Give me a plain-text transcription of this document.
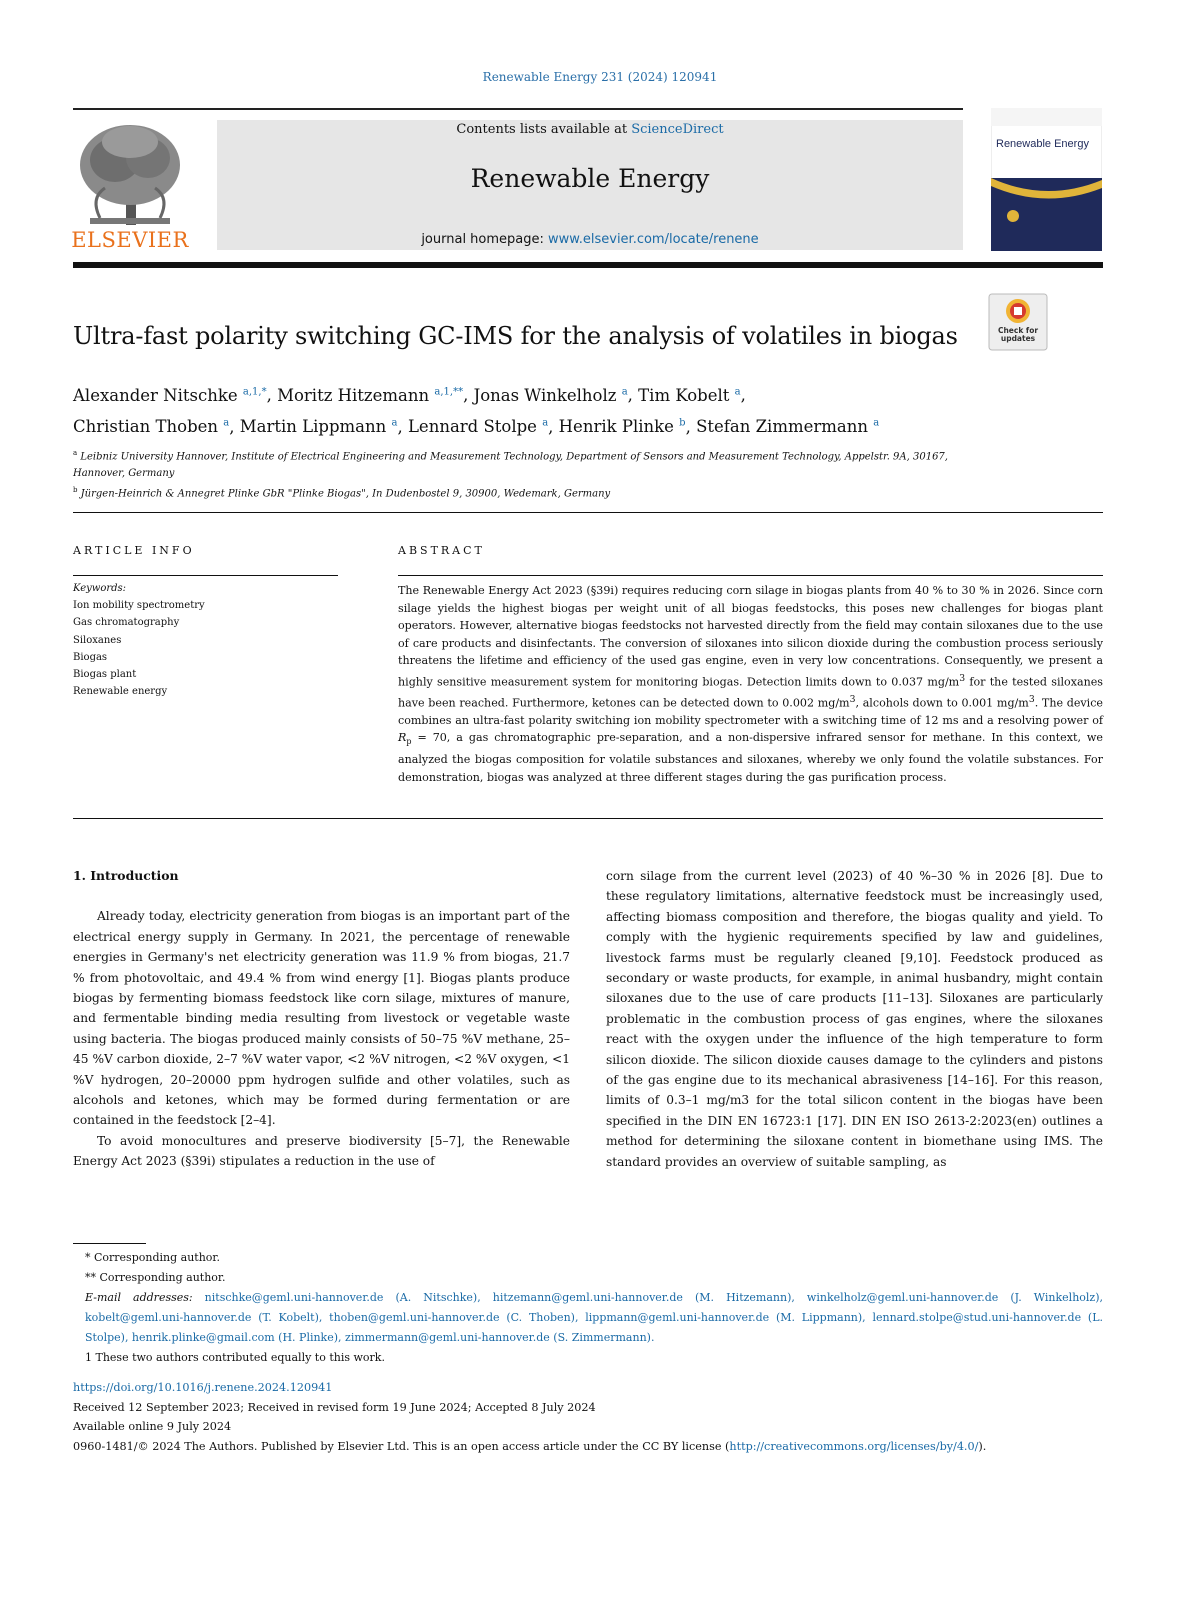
Renewable Energy 231 (2024) 120941
ELSEVIER
Contents lists available at ScienceDirect
Renewable Energy
journal homepage: www.elsevier.com/locate/renene
Renewable Energy
Ultra-fast polarity switching GC-IMS for the analysis of volatiles in biogas	Check for updates
Alexander Nitschke $^{a,1,*}$, Moritz Hitzemann $^{a,1,**}$, Jonas Winkelholz $^a$, Tim Kobelt $^a$,
Christian Thoben $^a$, Martin Lippmann $^a$, Lennard Stolpe $^a$, Henrik Plinke $^b$, Stefan Zimmermann $^a$
$^a$ Leibniz University Hannover, Institute of Electrical Engineering and Measurement Technology, Department of Sensors and Measurement Technology, Appelstr. 9A, 30167, Hannover, Germany
$^b$ Jürgen-Heinrich & Annegret Plinke GbR "Plinke Biogas", In Dudenbostel 9, 30900, Wedemark, Germany
ARTICLE INFO
Keywords:
Ion mobility spectrometry
Gas chromatography
Siloxanes
Biogas
Biogas plant
Renewable energy
ABSTRACT
The Renewable Energy Act 2023 (§39i) requires reducing corn silage in biogas plants from 40 % to 30 % in 2026. Since corn silage yields the highest biogas per weight unit of all biogas feedstocks, this poses new challenges for biogas plant operators. However, alternative biogas feedstocks not harvested directly from the field may contain siloxanes due to the use of care products and disinfectants. The conversion of siloxanes into silicon dioxide during the combustion process seriously threatens the lifetime and efficiency of the used gas engine, even in very low concentrations. Consequently, we present a highly sensitive measurement system for monitoring biogas. Detection limits down to 0.037 $mg/m^3$ for the tested siloxanes have been reached. Furthermore, ketones can be detected down to 0.002 $mg/m^3$, alcohols down to 0.001 $mg/m^3$. The device combines an ultra-fast polarity switching ion mobility spectrometer with a switching time of 12 ms and a resolving power of $R_p = 70$, a gas chromatographic pre-separation, and a non-dispersive infrared sensor for methane. In this context, we analyzed the biogas composition for volatile substances and siloxanes, whereby we only found the volatile substances. For demonstration, biogas was analyzed at three different stages during the gas purification process.
1. Introduction

Already today, electricity generation from biogas is an important part of the electrical energy supply in Germany. In 2021, the percentage of renewable energies in Germany's net electricity generation was 11.9 % from biogas, 21.7 % from photovoltaic, and 49.4 % from wind energy [1]. Biogas plants produce biogas by fermenting biomass feedstock like corn silage, mixtures of manure, and fermentable binding media resulting from livestock or vegetable waste using bacteria. The biogas produced mainly consists of 50–75 %V methane, 25–45 %V carbon dioxide, 2–7 %V water vapor, <2 %V nitrogen, <2 %V oxygen, <1 %V hydrogen, 20–20000 ppm hydrogen sulfide and other volatiles, such as alcohols and ketones, which may be formed during fermentation or are contained in the feedstock [2–4].

To avoid monocultures and preserve biodiversity [5–7], the Renewable Energy Act 2023 (§39i) stipulates a reduction in the use of

corn silage from the current level (2023) of 40 %–30 % in 2026 [8]. Due to these regulatory limitations, alternative feedstock must be increasingly used, affecting biomass composition and therefore, the biogas quality and yield. To comply with the hygienic requirements specified by law and guidelines, livestock farms must be regularly cleaned [9,10]. Feedstock produced as secondary or waste products, for example, in animal husbandry, might contain siloxanes due to the use of care products [11–13]. Siloxanes are particularly problematic in the combustion process of gas engines, where the siloxanes react with the oxygen under the influence of the high temperature to form silicon dioxide. The silicon dioxide causes damage to the cylinders and pistons of the gas engine due to its mechanical abrasiveness [14–16]. For this reason, limits of 0.3–1 mg/m3 for the total silicon content in the biogas have been specified in the DIN EN 16723:1 [17]. DIN EN ISO 2613-2:2023(en) outlines a method for determining the siloxane content in biomethane using IMS. The standard provides an overview of suitable sampling, as

* Corresponding author.
** Corresponding author.
E-mail addresses: nitschke@geml.uni-hannover.de (A. Nitschke), hitzemann@geml.uni-hannover.de (M. Hitzemann), winkelholz@geml.uni-hannover.de (J. Winkelholz), kobelt@geml.uni-hannover.de (T. Kobelt), thoben@geml.uni-hannover.de (C. Thoben), lippmann@geml.uni-hannover.de (M. Lippmann), lennard.stolpe@stud.uni-hannover.de (L. Stolpe), henrik.plinke@gmail.com (H. Plinke), zimmermann@geml.uni-hannover.de (S. Zimmermann).
1 These two authors contributed equally to this work.
https://doi.org/10.1016/j.renene.2024.120941
Received 12 September 2023; Received in revised form 19 June 2024; Accepted 8 July 2024
Available online 9 July 2024
0960-1481/© 2024 The Authors. Published by Elsevier Ltd. This is an open access article under the CC BY license (http://creativecommons.org/licenses/by/4.0/).
